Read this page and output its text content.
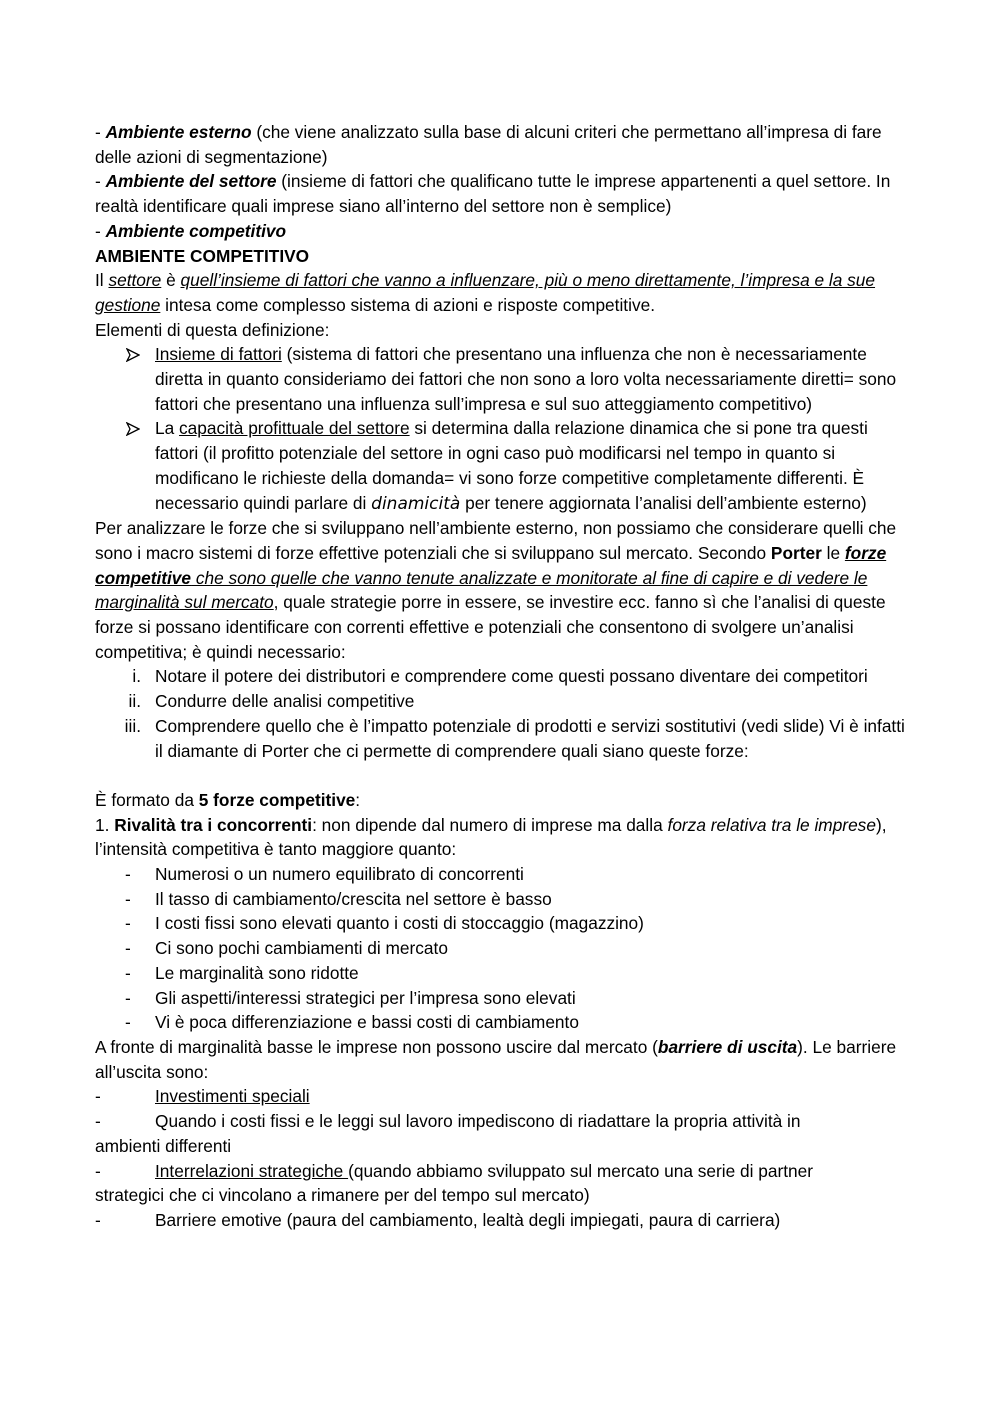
- Ambiente esterno (che viene analizzato sulla base di alcuni criteri che permettano all’impresa di fare delle azioni di segmentazione)

- Ambiente del settore (insieme di fattori che qualificano tutte le imprese appartenenti a quel settore. In realtà identificare quali imprese siano all’interno del settore non è semplice)

- Ambiente competitivo

AMBIENTE COMPETITIVO

Il settore è quell’insieme di fattori che vanno a influenzare, più o meno direttamente, l’impresa e la sue gestione intesa come complesso sistema di azioni e risposte competitive.

Elementi di questa definizione:

Insieme di fattori (sistema di fattori che presentano una influenza che non è necessariamente diretta in quanto consideriamo dei fattori che non sono a loro volta necessariamente diretti= sono fattori che presentano una influenza sull’impresa e sul suo atteggiamento competitivo)

La capacità profittuale del settore si determina dalla relazione dinamica che si pone tra questi fattori (il profitto potenziale del settore in ogni caso può modificarsi nel tempo in quanto si modificano le richieste della domanda= vi sono forze competitive completamente differenti. È necessario quindi parlare di dinamicità per tenere aggiornata l’analisi dell’ambiente esterno)

Per analizzare le forze che si sviluppano nell’ambiente esterno, non possiamo che considerare quelli che sono i macro sistemi di forze effettive potenziali che si sviluppano sul mercato. Secondo Porter le forze competitive che sono quelle che vanno tenute analizzate e monitorate al fine di capire e di vedere le marginalità sul mercato, quale strategie porre in essere, se investire ecc. fanno sì che l’analisi di queste forze si possano identificare con correnti effettive e potenziali che consentono di svolgere un’analisi competitiva; è quindi necessario:

i. Notare il potere dei distributori e comprendere come questi possano diventare dei competitori

ii. Condurre delle analisi competitive

iii. Comprendere quello che è l’impatto potenziale di prodotti e servizi sostitutivi (vedi slide) Vi è infatti il diamante di Porter che ci permette di comprendere quali siano queste forze:

È formato da 5 forze competitive:

1. Rivalità tra i concorrenti: non dipende dal numero di imprese ma dalla forza relativa tra le imprese), l’intensità competitiva è tanto maggiore quanto:

- Numerosi o un numero equilibrato di concorrenti

- Il tasso di cambiamento/crescita nel settore è basso

- I costi fissi sono elevati quanto i costi di stoccaggio (magazzino)

- Ci sono pochi cambiamenti di mercato

- Le marginalità sono ridotte

- Gli aspetti/interessi strategici per l’impresa sono elevati

- Vi è poca differenziazione e bassi costi di cambiamento

A fronte di marginalità basse le imprese non possono uscire dal mercato (barriere di uscita). Le barriere all’uscita sono:

-	Investimenti speciali

-	Quando i costi fissi e le leggi sul lavoro impediscono di riadattare la propria attività in

ambienti differenti

-	Interrelazioni strategiche (quando abbiamo sviluppato sul mercato una serie di partner

strategici che ci vincolano a rimanere per del tempo sul mercato)

-	Barriere emotive (paura del cambiamento, lealtà degli impiegati, paura di carriera)
